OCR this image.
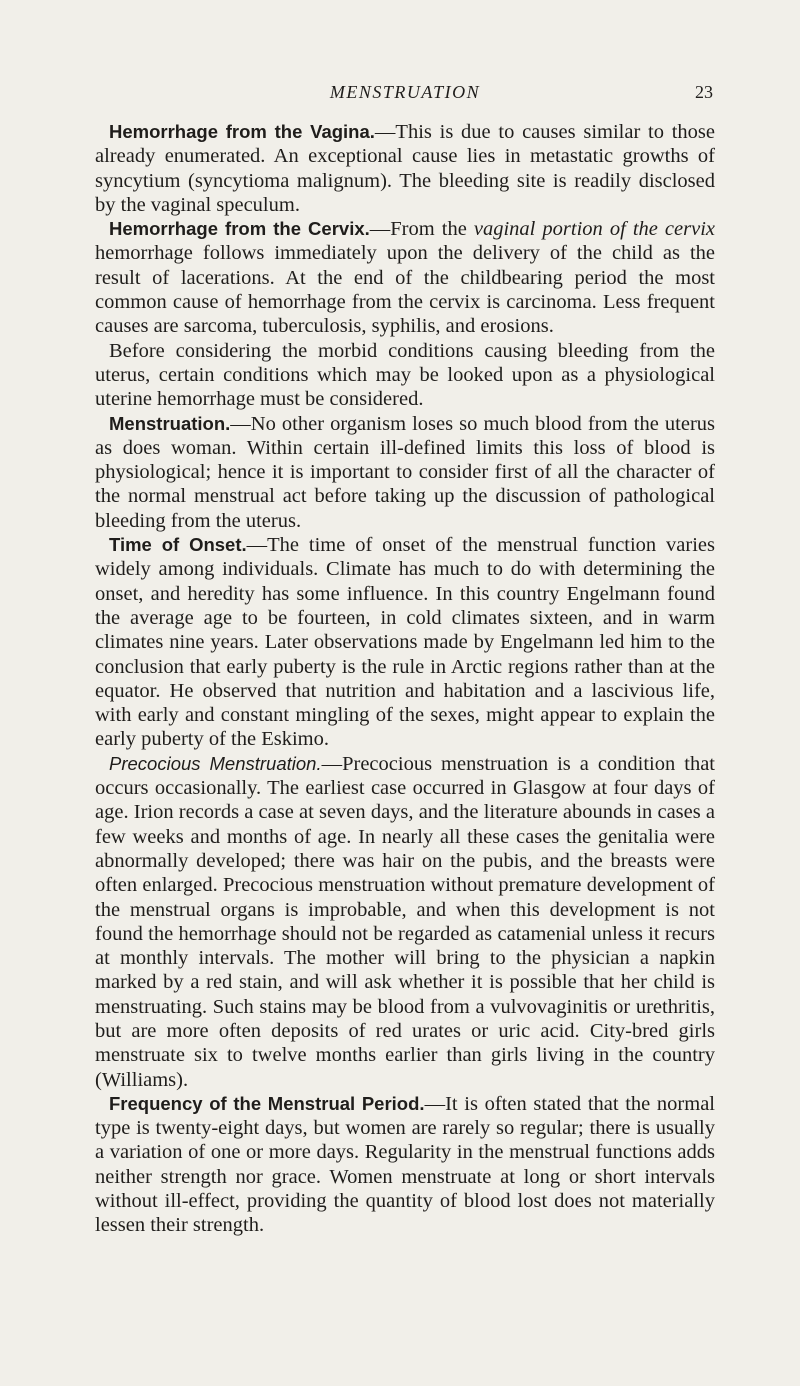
MENSTRUATION	23

Hemorrhage from the Vagina.—This is due to causes similar to those already enumerated. An exceptional cause lies in metastatic growths of syncytium (syncytioma malignum). The bleeding site is readily disclosed by the vaginal speculum.

Hemorrhage from the Cervix.—From the vaginal portion of the cervix hemorrhage follows immediately upon the delivery of the child as the result of lacerations. At the end of the childbearing period the most common cause of hemorrhage from the cervix is carcinoma. Less frequent causes are sarcoma, tuberculosis, syphilis, and erosions.

Before considering the morbid conditions causing bleeding from the uterus, certain conditions which may be looked upon as a physiological uterine hemorrhage must be considered.

Menstruation.—No other organism loses so much blood from the uterus as does woman. Within certain ill-defined limits this loss of blood is physiological; hence it is important to consider first of all the character of the normal menstrual act before taking up the discussion of pathological bleeding from the uterus.

Time of Onset.—The time of onset of the menstrual function varies widely among individuals. Climate has much to do with determining the onset, and heredity has some influence. In this country Engelmann found the average age to be fourteen, in cold climates sixteen, and in warm climates nine years. Later observations made by Engelmann led him to the conclusion that early puberty is the rule in Arctic regions rather than at the equator. He observed that nutrition and habitation and a lascivious life, with early and constant mingling of the sexes, might appear to explain the early puberty of the Eskimo.

Precocious Menstruation.—Precocious menstruation is a condition that occurs occasionally. The earliest case occurred in Glasgow at four days of age. Irion records a case at seven days, and the literature abounds in cases a few weeks and months of age. In nearly all these cases the genitalia were abnormally developed; there was hair on the pubis, and the breasts were often enlarged. Precocious menstruation without premature development of the menstrual organs is improbable, and when this development is not found the hemorrhage should not be regarded as catamenial unless it recurs at monthly intervals. The mother will bring to the physician a napkin marked by a red stain, and will ask whether it is possible that her child is menstruating. Such stains may be blood from a vulvovaginitis or urethritis, but are more often deposits of red urates or uric acid. City-bred girls menstruate six to twelve months earlier than girls living in the country (Williams).

Frequency of the Menstrual Period.—It is often stated that the normal type is twenty-eight days, but women are rarely so regular; there is usually a variation of one or more days. Regularity in the menstrual functions adds neither strength nor grace. Women menstruate at long or short intervals without ill-effect, providing the quantity of blood lost does not materially lessen their strength.
